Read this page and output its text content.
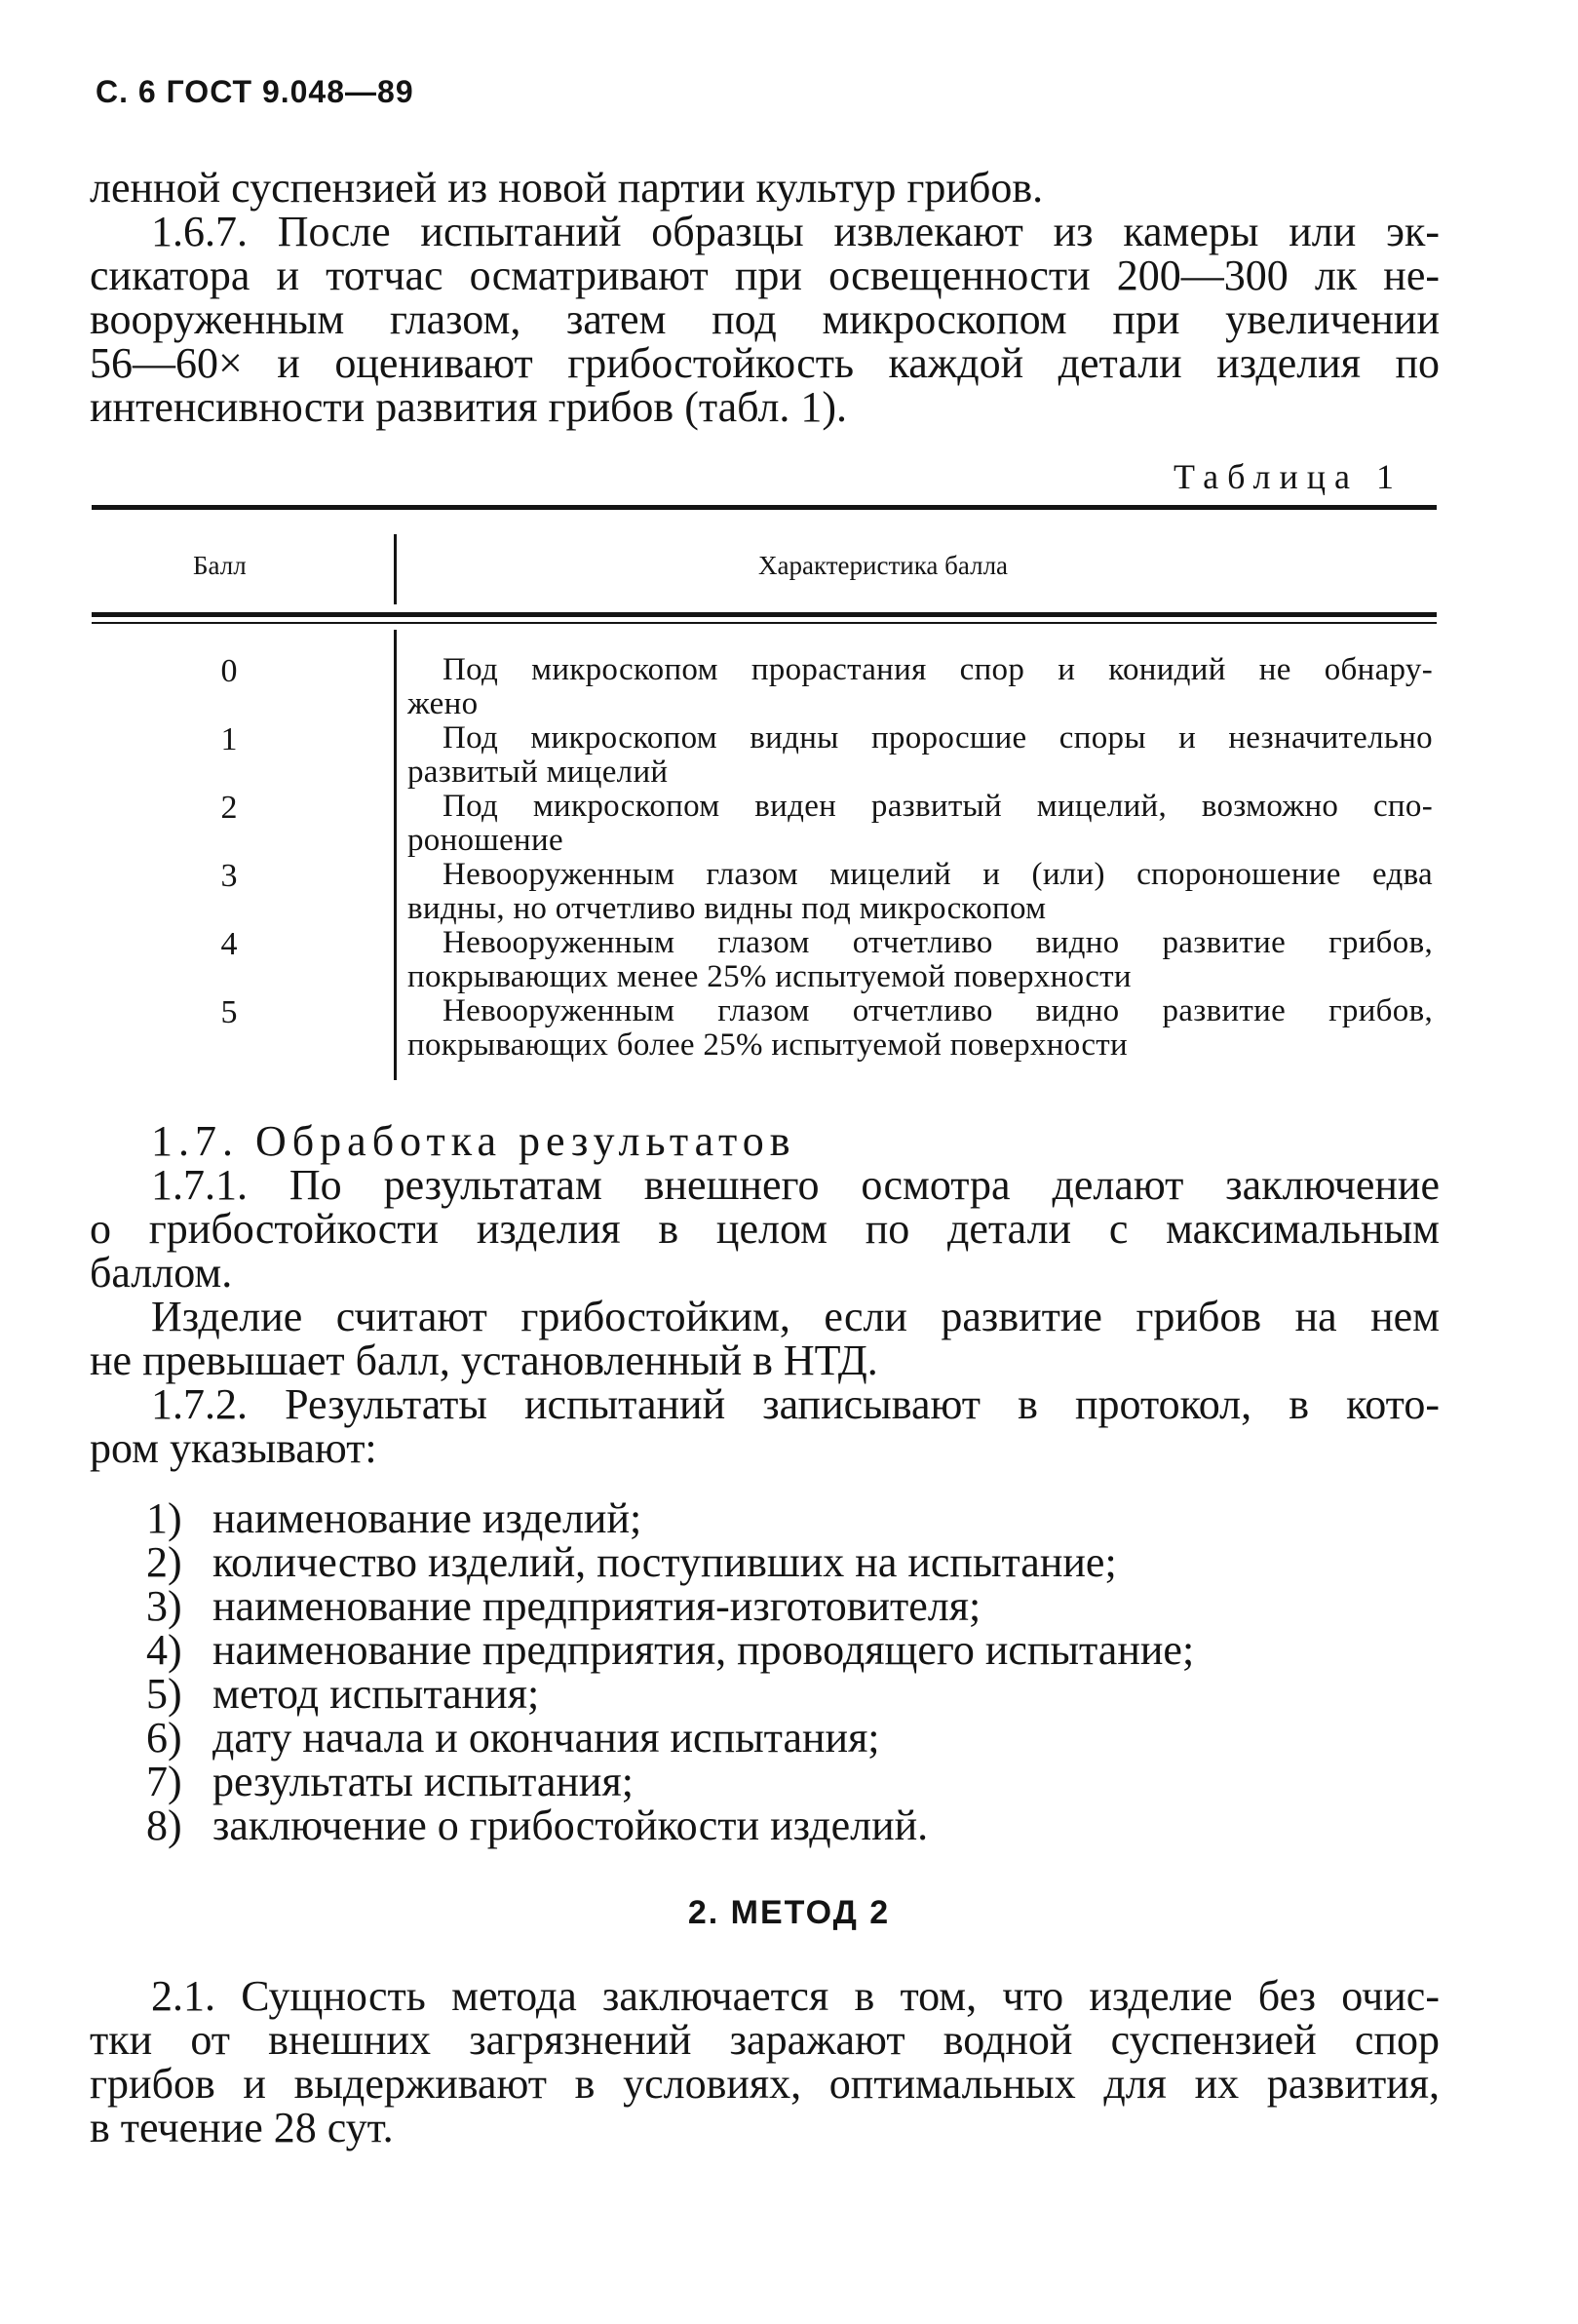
С. 6 ГОСТ 9.048—89
ленной суспензией из новой партии культур грибов.
1.6.7. После испытаний образцы извлекают из камеры или эк-
сикатора и тотчас осматривают при освещенности 200—300 лк не-
вооруженным глазом, затем под микроскопом при увеличении
56—60× и оценивают грибостойкость каждой детали изделия по
интенсивности развития грибов (табл. 1).
Таблица 1
Балл	Характеристика балла
0	Под микроскопом прорастания спор и конидий не обнару-
жено
1	Под микроскопом видны проросшие споры и незначительно
развитый мицелий
2	Под микроскопом виден развитый мицелий, возможно спо-
роношение
3	Невооруженным глазом мицелий и (или) спороношение едва
видны, но отчетливо видны под микроскопом
4	Невооруженным глазом отчетливо видно развитие грибов,
покрывающих менее 25% испытуемой поверхности
5	Невооруженным глазом отчетливо видно развитие грибов,
покрывающих более 25% испытуемой поверхности
1.7. Обработка результатов
1.7.1. По результатам внешнего осмотра делают заключение
о грибостойкости изделия в целом по детали с максимальным
баллом.
Изделие считают грибостойким, если развитие грибов на нем
не превышает балл, установленный в НТД.
1.7.2. Результаты испытаний записывают в протокол, в кото-
ром указывают:
1) наименование изделий;
2) количество изделий, поступивших на испытание;
3) наименование предприятия-изготовителя;
4) наименование предприятия, проводящего испытание;
5) метод испытания;
6) дату начала и окончания испытания;
7) результаты испытания;
8) заключение о грибостойкости изделий.
2. МЕТОД 2
2.1. Сущность метода заключается в том, что изделие без очис-
тки от внешних загрязнений заражают водной суспензией спор
грибов и выдерживают в условиях, оптимальных для их развития,
в течение 28 сут.
